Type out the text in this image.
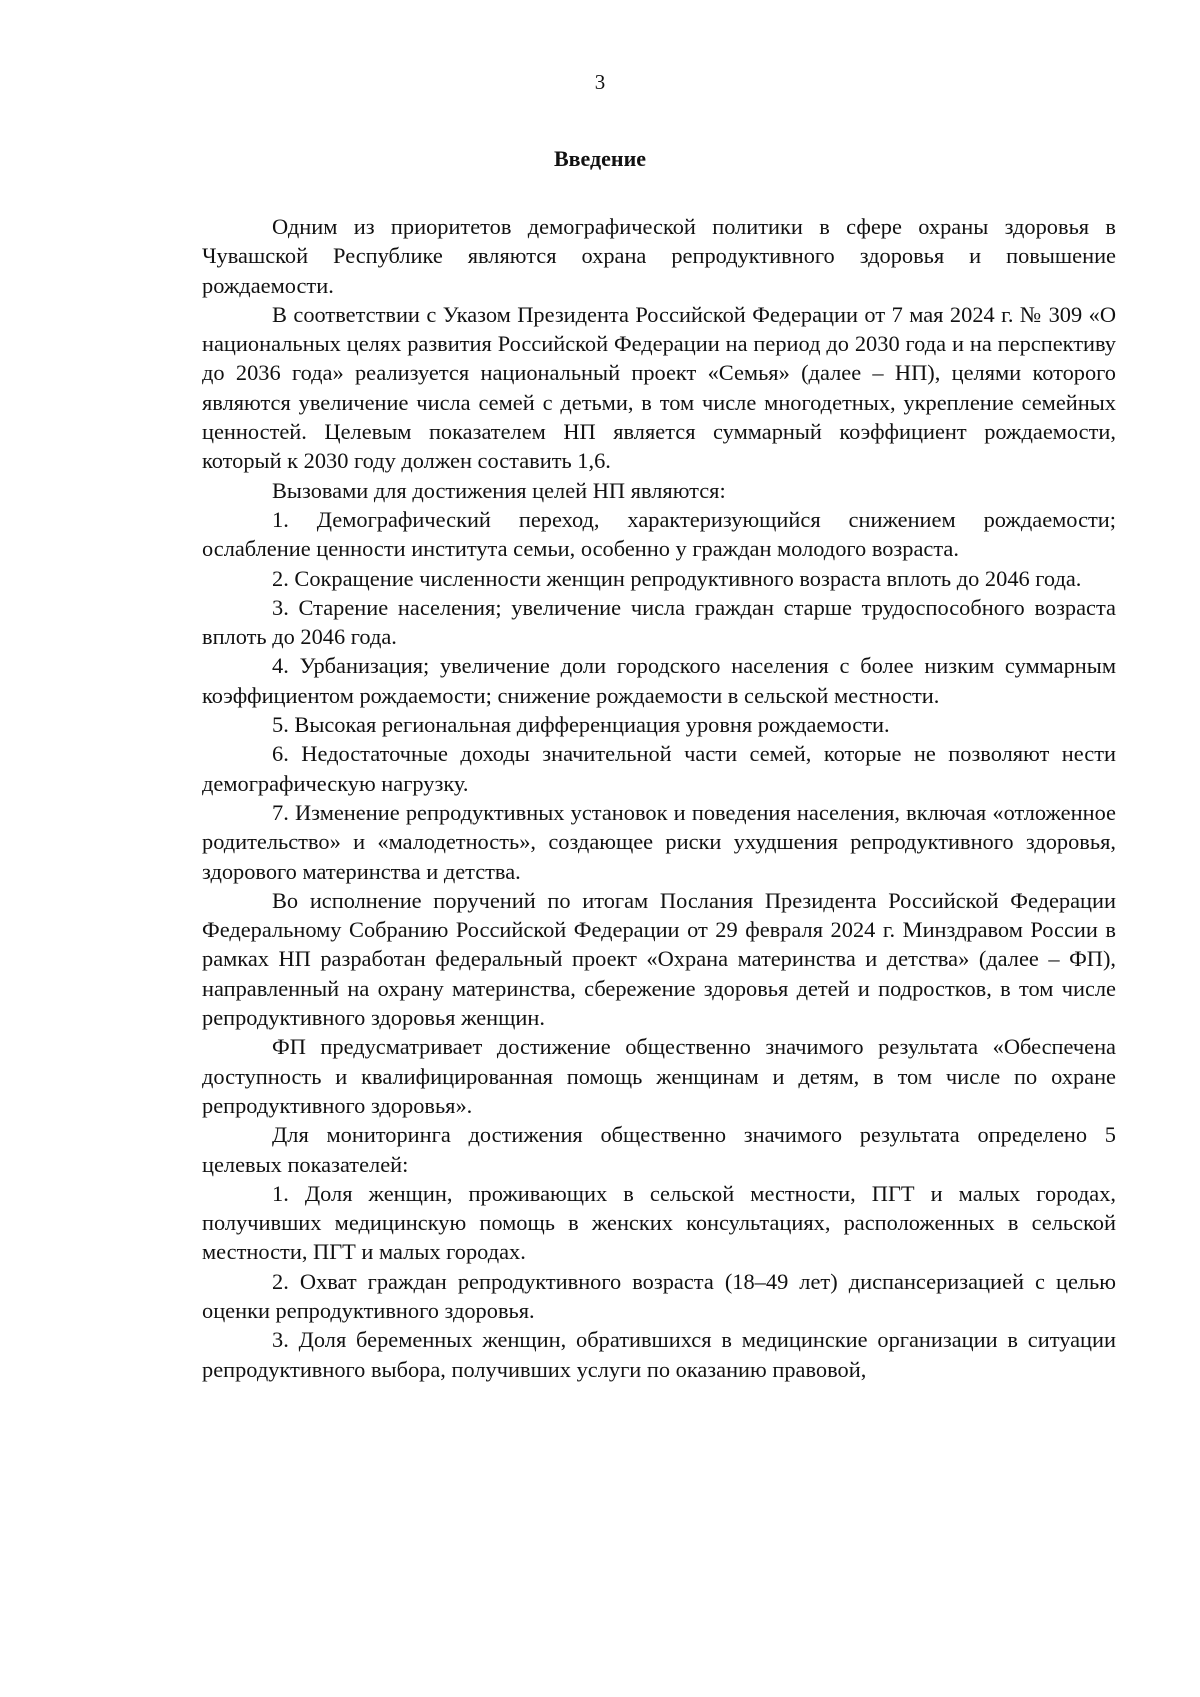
3
Введение

Одним из приоритетов демографической политики в сфере охраны здоровья в Чувашской Республике являются охрана репродуктивного здоровья и повышение рождаемости.

В соответствии с Указом Президента Российской Федерации от 7 мая 2024 г. № 309 «О национальных целях развития Российской Федерации на период до 2030 года и на перспективу до 2036 года» реализуется национальный проект «Семья» (далее – НП), целями которого являются увеличение числа семей с детьми, в том числе многодетных, укрепление семейных ценностей. Целевым показателем НП является суммарный коэффициент рождаемости, который к 2030 году должен составить 1,6.

Вызовами для достижения целей НП являются:

1. Демографический переход, характеризующийся снижением рождаемости; ослабление ценности института семьи, особенно у граждан молодого возраста.

2. Сокращение численности женщин репродуктивного возраста вплоть до 2046 года.

3. Старение населения; увеличение числа граждан старше трудоспособного возраста вплоть до 2046 года.

4. Урбанизация; увеличение доли городского населения с более низким суммарным коэффициентом рождаемости; снижение рождаемости в сельской местности.

5. Высокая региональная дифференциация уровня рождаемости.

6. Недостаточные доходы значительной части семей, которые не позволяют нести демографическую нагрузку.

7. Изменение репродуктивных установок и поведения населения, включая «отложенное родительство» и «малодетность», создающее риски ухудшения репродуктивного здоровья, здорового материнства и детства.

Во исполнение поручений по итогам Послания Президента Российской Федерации Федеральному Собранию Российской Федерации от 29 февраля 2024 г. Минздравом России в рамках НП разработан федеральный проект «Охрана материнства и детства» (далее – ФП), направленный на охрану материнства, сбережение здоровья детей и подростков, в том числе репродуктивного здоровья женщин.

ФП предусматривает достижение общественно значимого результата «Обеспечена доступность и квалифицированная помощь женщинам и детям, в том числе по охране репродуктивного здоровья».

Для мониторинга достижения общественно значимого результата определено 5 целевых показателей:

1. Доля женщин, проживающих в сельской местности, ПГТ и малых городах, получивших медицинскую помощь в женских консультациях, расположенных в сельской местности, ПГТ и малых городах.

2. Охват граждан репродуктивного возраста (18–49 лет) диспансеризацией с целью оценки репродуктивного здоровья.

3. Доля беременных женщин, обратившихся в медицинские организации в ситуации репродуктивного выбора, получивших услуги по оказанию правовой,
